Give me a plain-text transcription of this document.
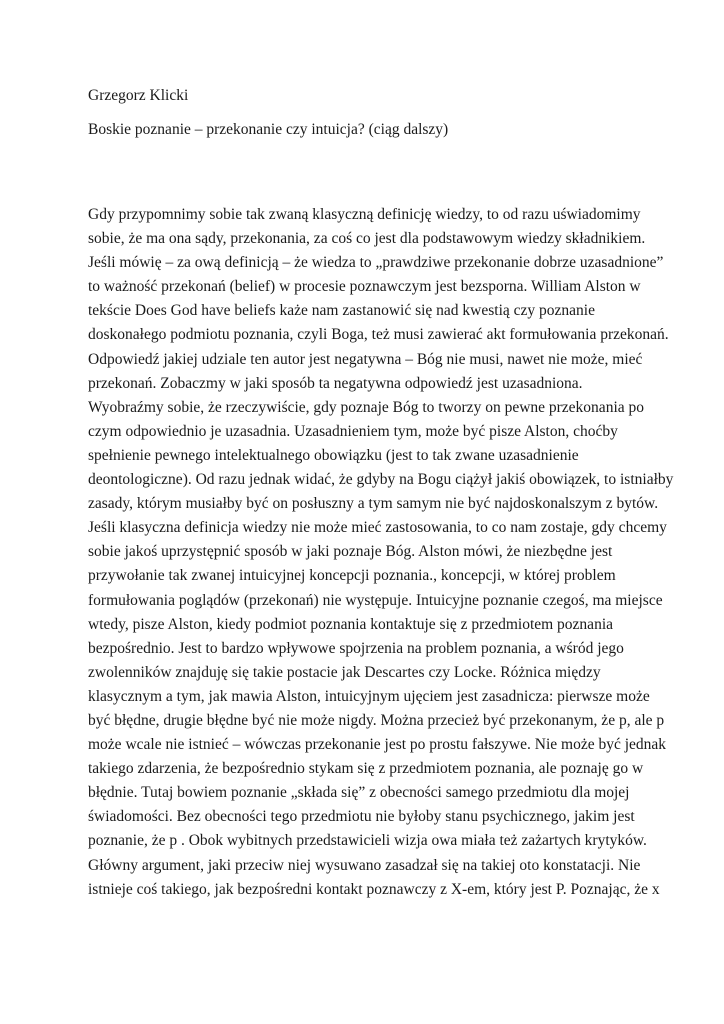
Grzegorz Klicki
Boskie poznanie – przekonanie czy intuicja? (ciąg dalszy)
Gdy przypomnimy sobie tak zwaną klasyczną definicję wiedzy, to od razu uświadomimy
sobie, że ma ona sądy, przekonania, za coś co jest dla podstawowym wiedzy składnikiem.
Jeśli mówię – za ową definicją – że wiedza to „prawdziwe przekonanie dobrze uzasadnione”
to ważność przekonań (belief) w procesie poznawczym jest bezsporna. William Alston w
tekście Does God have beliefs każe nam zastanowić się nad kwestią czy poznanie
doskonałego podmiotu poznania, czyli Boga, też musi zawierać akt formułowania przekonań.
Odpowiedź jakiej udziale ten autor jest negatywna – Bóg nie musi, nawet nie może, mieć
przekonań. Zobaczmy w jaki sposób ta negatywna odpowiedź jest uzasadniona.
Wyobraźmy sobie, że rzeczywiście, gdy poznaje Bóg to tworzy on pewne przekonania po
czym odpowiednio je uzasadnia. Uzasadnieniem tym, może być pisze Alston, choćby
spełnienie pewnego intelektualnego obowiązku (jest to tak zwane uzasadnienie
deontologiczne). Od razu jednak widać, że gdyby na Bogu ciążył jakiś obowiązek, to istniałby
zasady, którym musiałby być on posłuszny a tym samym nie być najdoskonalszym z bytów.
Jeśli klasyczna definicja wiedzy nie może mieć zastosowania, to co nam zostaje, gdy chcemy
sobie jakoś uprzystępnić sposób w jaki poznaje Bóg. Alston mówi, że niezbędne jest
przywołanie tak zwanej intuicyjnej koncepcji poznania., koncepcji, w której problem
formułowania poglądów (przekonań) nie występuje. Intuicyjne poznanie czegoś, ma miejsce
wtedy, pisze Alston, kiedy podmiot poznania kontaktuje się z przedmiotem poznania
bezpośrednio. Jest to bardzo wpływowe spojrzenia na problem poznania, a wśród jego
zwolenników znajduję się takie postacie jak Descartes czy Locke. Różnica między
klasycznym a tym, jak mawia Alston, intuicyjnym ujęciem jest zasadnicza: pierwsze może
być błędne, drugie błędne być nie może nigdy. Można przecież być przekonanym, że p, ale p
może wcale nie istnieć – wówczas przekonanie jest po prostu fałszywe. Nie może być jednak
takiego zdarzenia, że bezpośrednio stykam się z przedmiotem poznania, ale poznaję go w
błędnie. Tutaj bowiem poznanie „składa się” z obecności samego przedmiotu dla mojej
świadomości. Bez obecności tego przedmiotu nie byłoby stanu psychicznego, jakim jest
poznanie, że p . Obok wybitnych przedstawicieli wizja owa miała też zażartych krytyków.
Główny argument, jaki przeciw niej wysuwano zasadzał się na takiej oto konstatacji. Nie
istnieje coś takiego, jak bezpośredni kontakt poznawczy z X-em, który jest P. Poznając, że x
